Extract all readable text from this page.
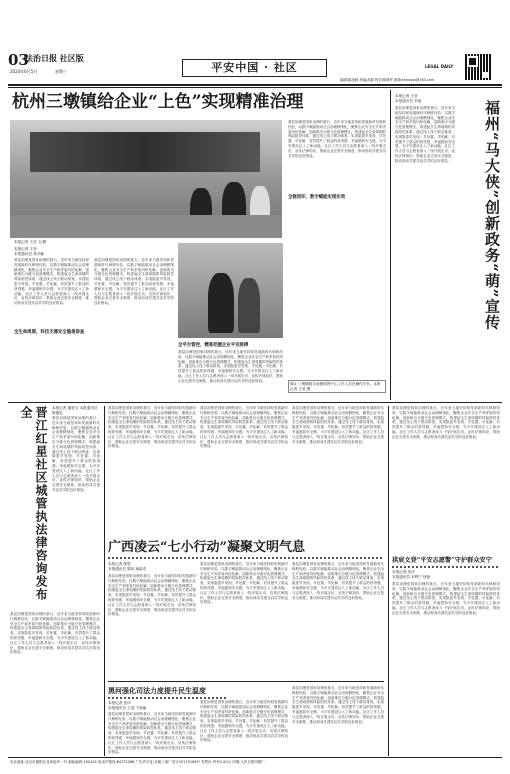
03
法治日报 社区版
2024年6月5日	星期三	平安中国 · 社区	LEGAL DAILY
编辑/胡凌颖 美编/高颖 校对/陈继军 邮箱:fzrbcssk@163.com
杭州三墩镇给企业“上色”实现精准治理
本报记者 王莹 文/图
本报记者 王莹
本报通讯员 郑尹娜
基层治理是国家治理的基石，近年来当地坚持和发展新时代枫桥经验，以数字赋能推动社会治理精细化，聚焦企业安全生产和矛盾纠纷化解，创新推出分级分色管理模式，构建起全生命周期的风险防控体系，通过线上线下联动排查，实现隐患早发现、早处置、早化解，有效提升了群众的获得感、幸福感和安全感，为平安建设注入了新动能。社区工作人员与志愿者深入一线开展走访，宣传法律知识，帮助企业完善安全制度，推动形成共建共治共享的良好格局。
全生命周期，科技支撑安全隐患排查
基层治理是国家治理的基石，近年来当地坚持和发展新时代枫桥经验，以数字赋能推动社会治理精细化，聚焦企业安全生产和矛盾纠纷化解，创新推出分级分色管理模式，构建起全生命周期的风险防控体系，通过线上线下联动排查，实现隐患早发现、早处置、早化解，有效提升了群众的获得感、幸福感和安全感，为平安建设注入了新动能。社区工作人员与志愿者深入一线开展走访，宣传法律知识，帮助企业完善安全制度，推动形成共建共治共享的良好格局。
全平台管控，精准把握企业平安脉搏
基层治理是国家治理的基石，近年来当地坚持和发展新时代枫桥经验，以数字赋能推动社会治理精细化，聚焦企业安全生产和矛盾纠纷化解，创新推出分级分色管理模式，构建起全生命周期的风险防控体系，通过线上线下联动排查，实现隐患早发现、早处置、早化解，有效提升了群众的获得感、幸福感和安全感，为平安建设注入了新动能。社区工作人员与志愿者深入一线开展走访，宣传法律知识，帮助企业完善安全制度，推动形成共建共治共享的良好格局。
基层治理是国家治理的基石，近年来当地坚持和发展新时代枫桥经验，以数字赋能推动社会治理精细化，聚焦企业安全生产和矛盾纠纷化解，创新推出分级分色管理模式，构建起全生命周期的风险防控体系，通过线上线下联动排查，实现隐患早发现、早处置、早化解，有效提升了群众的获得感、幸福感和安全感，为平安建设注入了新动能。社区工作人员与志愿者深入一线开展走访，宣传法律知识，帮助企业完善安全制度，推动形成共建共治共享的良好格局。
全链闭环，数字赋能实现实效
图① 三墩镇数字治理指挥中心工作人员在操作平台。本报记者 王莹 摄
本报记者 王莹
本报通讯员 李瑶
基层治理是国家治理的基石，近年来当地坚持和发展新时代枫桥经验，以数字赋能推动社会治理精细化，聚焦企业安全生产和矛盾纠纷化解，创新推出分级分色管理模式，构建起全生命周期的风险防控体系，通过线上线下联动排查，实现隐患早发现、早处置、早化解，有效提升了群众的获得感、幸福感和安全感，为平安建设注入了新动能。社区工作人员与志愿者深入一线开展走访，宣传法律知识，帮助企业完善安全制度，推动形成共建共治共享的良好格局。	福州“马大侠”创新政务“萌”宣传
本报记者 潘爱玉 本报通讯员 陈德忠
晋江红星社区城管执法律咨询发布全
基层治理是国家治理的基石，近年来当地坚持和发展新时代枫桥经验，以数字赋能推动社会治理精细化，聚焦企业安全生产和矛盾纠纷化解，创新推出分级分色管理模式，构建起全生命周期的风险防控体系，通过线上线下联动排查，实现隐患早发现、早处置、早化解，有效提升了群众的获得感、幸福感和安全感，为平安建设注入了新动能。社区工作人员与志愿者深入一线开展走访，宣传法律知识，帮助企业完善安全制度，推动形成共建共治共享的良好格局。
基层治理是国家治理的基石，近年来当地坚持和发展新时代枫桥经验，以数字赋能推动社会治理精细化，聚焦企业安全生产和矛盾纠纷化解，创新推出分级分色管理模式，构建起全生命周期的风险防控体系，通过线上线下联动排查，实现隐患早发现、早处置、早化解，有效提升了群众的获得感、幸福感和安全感，为平安建设注入了新动能。社区工作人员与志愿者深入一线开展走访，宣传法律知识，帮助企业完善安全制度，推动形成共建共治共享的良好格局。
广西凌云“七小行动”凝聚文明气息
本报记者 陈思
本报通讯员 陈伟 唐森杰
基层治理是国家治理的基石，近年来当地坚持和发展新时代枫桥经验，以数字赋能推动社会治理精细化，聚焦企业安全生产和矛盾纠纷化解，创新推出分级分色管理模式，构建起全生命周期的风险防控体系，通过线上线下联动排查，实现隐患早发现、早处置、早化解，有效提升了群众的获得感、幸福感和安全感，为平安建设注入了新动能。社区工作人员与志愿者深入一线开展走访，宣传法律知识，帮助企业完善安全制度，推动形成共建共治共享的良好格局。
基层治理是国家治理的基石，近年来当地坚持和发展新时代枫桥经验，以数字赋能推动社会治理精细化，聚焦企业安全生产和矛盾纠纷化解，创新推出分级分色管理模式，构建起全生命周期的风险防控体系，通过线上线下联动排查，实现隐患早发现、早处置、早化解，有效提升了群众的获得感、幸福感和安全感，为平安建设注入了新动能。社区工作人员与志愿者深入一线开展走访，宣传法律知识，帮助企业完善安全制度，推动形成共建共治共享的良好格局。
基层治理是国家治理的基石，近年来当地坚持和发展新时代枫桥经验，以数字赋能推动社会治理精细化，聚焦企业安全生产和矛盾纠纷化解，创新推出分级分色管理模式，构建起全生命周期的风险防控体系，通过线上线下联动排查，实现隐患早发现、早处置、早化解，有效提升了群众的获得感、幸福感和安全感，为平安建设注入了新动能。社区工作人员与志愿者深入一线开展走访，宣传法律知识，帮助企业完善安全制度，推动形成共建共治共享的良好格局。
基层治理是国家治理的基石，近年来当地坚持和发展新时代枫桥经验，以数字赋能推动社会治理精细化，聚焦企业安全生产和矛盾纠纷化解，创新推出分级分色管理模式，构建起全生命周期的风险防控体系，通过线上线下联动排查，实现隐患早发现、早处置、早化解，有效提升了群众的获得感、幸福感和安全感，为平安建设注入了新动能。社区工作人员与志愿者深入一线开展走访，宣传法律知识，帮助企业完善安全制度，推动形成共建共治共享的良好格局。
基层治理是国家治理的基石，近年来当地坚持和发展新时代枫桥经验，以数字赋能推动社会治理精细化，聚焦企业安全生产和矛盾纠纷化解，创新推出分级分色管理模式，构建起全生命周期的风险防控体系，通过线上线下联动排查，实现隐患早发现、早处置、早化解，有效提升了群众的获得感、幸福感和安全感，为平安建设注入了新动能。社区工作人员与志愿者深入一线开展走访，宣传法律知识，帮助企业完善安全制度，推动形成共建共治共享的良好格局。
基层治理是国家治理的基石，近年来当地坚持和发展新时代枫桥经验，以数字赋能推动社会治理精细化，聚焦企业安全生产和矛盾纠纷化解，创新推出分级分色管理模式，构建起全生命周期的风险防控体系，通过线上线下联动排查，实现隐患早发现、早处置、早化解，有效提升了群众的获得感、幸福感和安全感，为平安建设注入了新动能。社区工作人员与志愿者深入一线开展走访，宣传法律知识，帮助企业完善安全制度，推动形成共建共治共享的良好格局。
黑河强化司法力度提升民生温度
本报记者 张冲
本报通讯员 王迎 于丽丽
基层治理是国家治理的基石，近年来当地坚持和发展新时代枫桥经验，以数字赋能推动社会治理精细化，聚焦企业安全生产和矛盾纠纷化解，创新推出分级分色管理模式，构建起全生命周期的风险防控体系，通过线上线下联动排查，实现隐患早发现、早处置、早化解，有效提升了群众的获得感、幸福感和安全感，为平安建设注入了新动能。社区工作人员与志愿者深入一线开展走访，宣传法律知识，帮助企业完善安全制度，推动形成共建共治共享的良好格局。
基层治理是国家治理的基石，近年来当地坚持和发展新时代枫桥经验，以数字赋能推动社会治理精细化，聚焦企业安全生产和矛盾纠纷化解，创新推出分级分色管理模式，构建起全生命周期的风险防控体系，通过线上线下联动排查，实现隐患早发现、早处置、早化解，有效提升了群众的获得感、幸福感和安全感，为平安建设注入了新动能。社区工作人员与志愿者深入一线开展走访，宣传法律知识，帮助企业完善安全制度，推动形成共建共治共享的良好格局。
基层治理是国家治理的基石，近年来当地坚持和发展新时代枫桥经验，以数字赋能推动社会治理精细化，聚焦企业安全生产和矛盾纠纷化解，创新推出分级分色管理模式，构建起全生命周期的风险防控体系，通过线上线下联动排查，实现隐患早发现、早处置、早化解，有效提升了群众的获得感、幸福感和安全感，为平安建设注入了新动能。社区工作人员与志愿者深入一线开展走访，宣传法律知识，帮助企业完善安全制度，推动形成共建共治共享的良好格局。
基层治理是国家治理的基石，近年来当地坚持和发展新时代枫桥经验，以数字赋能推动社会治理精细化，聚焦企业安全生产和矛盾纠纷化解，创新推出分级分色管理模式，构建起全生命周期的风险防控体系，通过线上线下联动排查，实现隐患早发现、早处置、早化解，有效提升了群众的获得感、幸福感和安全感，为平安建设注入了新动能。社区工作人员与志愿者深入一线开展走访，宣传法律知识，帮助企业完善安全制度，推动形成共建共治共享的良好格局。
拱宸文登“平安志愿警”守护群众安宁
本报记者 张佳
本报通讯员 宋利宁 林艳
基层治理是国家治理的基石，近年来当地坚持和发展新时代枫桥经验，以数字赋能推动社会治理精细化，聚焦企业安全生产和矛盾纠纷化解，创新推出分级分色管理模式，构建起全生命周期的风险防控体系，通过线上线下联动排查，实现隐患早发现、早处置、早化解，有效提升了群众的获得感、幸福感和安全感，为平安建设注入了新动能。社区工作人员与志愿者深入一线开展走访，宣传法律知识，帮助企业完善安全制度，推动形成共建共治共享的良好格局。
本社地址:北京市朝阳区花家地甲一号 邮政编码:100102 电话中继线:84772288 广告许可证:京朝工商广登字20170186号 零售价:每份1.50元 印刷:人民日报印刷厂
